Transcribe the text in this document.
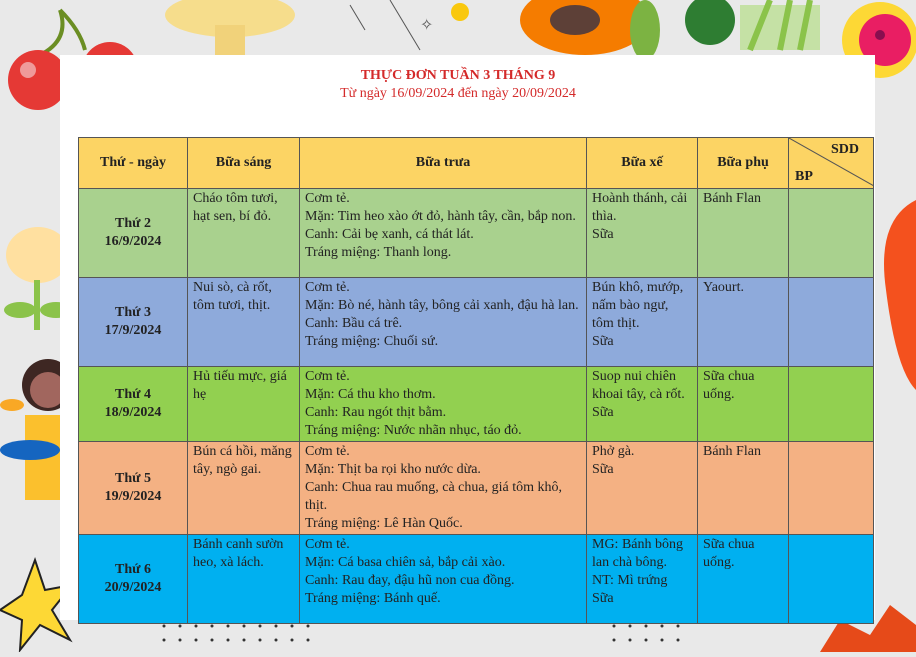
✧
THỰC ĐƠN TUẦN 3 THÁNG 9
Từ ngày 16/09/2024 đến ngày 20/09/2024
Thứ - ngày	Bữa sáng	Bữa trưa	Bữa xế	Bữa phụ	SDD
BP

Thứ 2
16/9/2024	Cháo tôm tươi, hạt sen, bí đỏ.	Cơm tẻ.
Mặn: Tim heo xào ớt đỏ, hành tây, cần, bắp non.
Canh: Cải bẹ xanh, cá thát lát.
Tráng miệng: Thanh long.	Hoành thánh, cải thìa.
Sữa	Bánh Flan	

Thứ 3
17/9/2024	Nui sò, cà rốt, tôm tươi, thịt.	Cơm tẻ.
Mặn: Bò né, hành tây, bông cải xanh, đậu hà lan.
Canh: Bầu cá trê.
Tráng miệng: Chuối sứ.	Bún khô, mướp, nấm bào ngư, tôm thịt.
Sữa	Yaourt.	

Thứ 4
18/9/2024	Hủ tiếu mực, giá hẹ	Cơm tẻ.
Mặn: Cá thu kho thơm.
Canh: Rau ngót thịt bằm.
Tráng miệng: Nước nhãn nhục, táo đỏ.	Suop nui chiên khoai tây, cà rốt.
Sữa	Sữa chua uống.	

Thứ 5
19/9/2024	Bún cá hồi, măng tây, ngò gai.	Cơm tẻ.
Mặn: Thịt ba rọi kho nước dừa.
Canh: Chua rau muống, cà chua, giá tôm khô, thịt.
Tráng miệng: Lê Hàn Quốc.	Phở gà.
Sữa	Bánh Flan	

Thứ 6
20/9/2024	Bánh canh sườn heo, xà lách.	Cơm tẻ.
Mặn: Cá basa chiên sả, bắp cải xào.
Canh: Rau đay, đậu hũ non cua đồng.
Tráng miệng: Bánh quế.	MG: Bánh bông lan chà bông.
NT: Mì trứng
Sữa	Sữa chua uống.	
